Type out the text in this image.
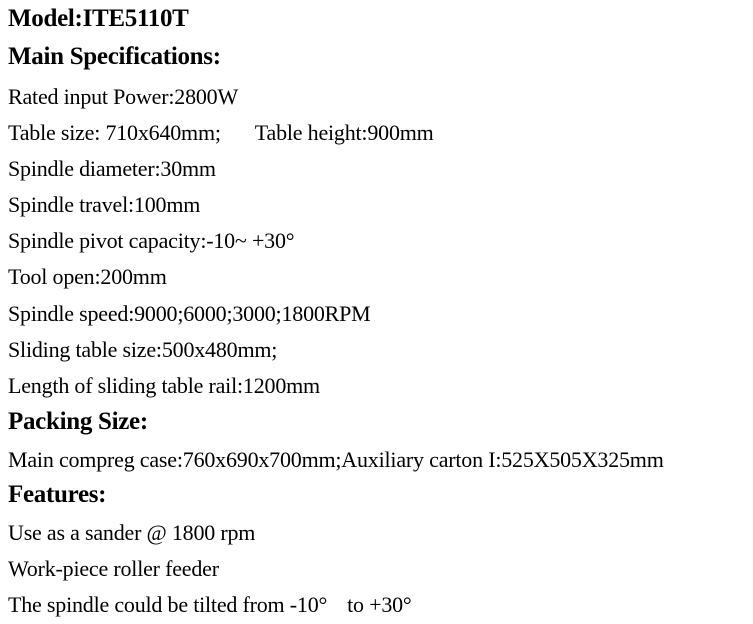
Model:ITE5110T
Main Specifications:
Rated input Power:2800W
Table size: 710x640mm; Table height:900mm
Spindle diameter:30mm
Spindle travel:100mm
Spindle pivot capacity:-10~ +30°
Tool open:200mm
Spindle speed:9000;6000;3000;1800RPM
Sliding table size:500x480mm;
Length of sliding table rail:1200mm
Packing Size:
Main compreg case:760x690x700mm;Auxiliary carton I:525X505X325mm
Features:
Use as a sander @ 1800 rpm
Work-piece roller feeder
The spindle could be tilted from -10° to +30°
